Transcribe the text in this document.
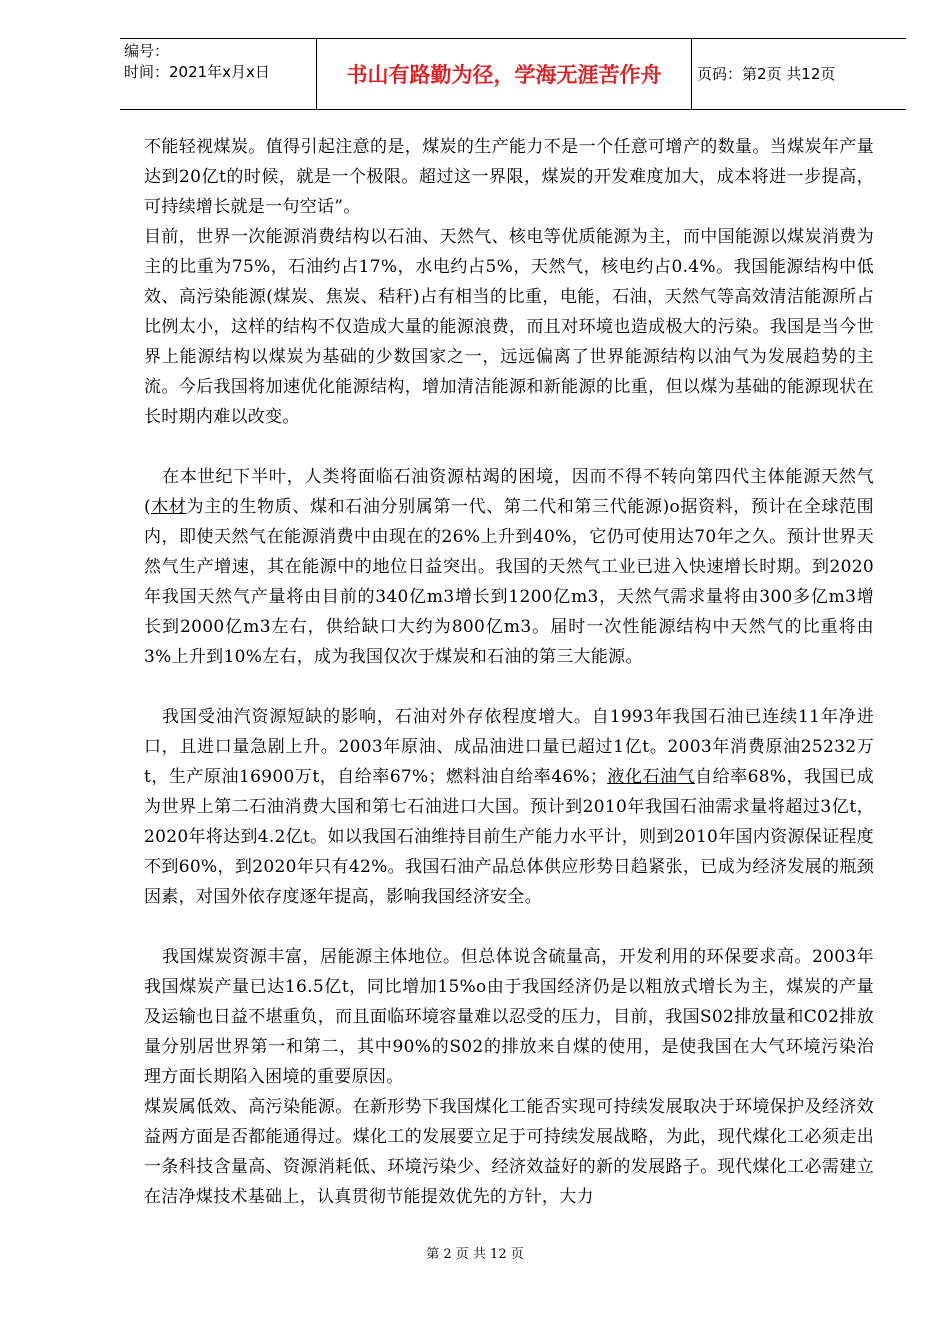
编号：
时间：2021年x月x日	书山有路勤为径，学海无涯苦作舟	页码：第2页 共12页

不能轻视煤炭。值得引起注意的是，煤炭的生产能力不是一个任意可增产的数量。当煤炭年产量达到20亿t的时候，就是一个极限。超过这一界限，煤炭的开发难度加大，成本将进一步提高，可持续增长就是一句空话”。

目前，世界一次能源消费结构以石油、天然气、核电等优质能源为主，而中国能源以煤炭消费为主的比重为75%，石油约占17%，水电约占5%，天然气，核电约占0.4%。我国能源结构中低效、高污染能源(煤炭、焦炭、秸秆)占有相当的比重，电能，石油，天然气等高效清洁能源所占比例太小，这样的结构不仅造成大量的能源浪费，而且对环境也造成极大的污染。我国是当今世界上能源结构以煤炭为基础的少数国家之一，远远偏离了世界能源结构以油气为发展趋势的主流。今后我国将加速优化能源结构，增加清洁能源和新能源的比重，但以煤为基础的能源现状在长时期内难以改变。

在本世纪下半叶，人类将面临石油资源枯竭的困境，因而不得不转向第四代主体能源天然气(木材为主的生物质、煤和石油分别属第一代、第二代和第三代能源)o据资料，预计在全球范围内，即使天然气在能源消费中由现在的26%上升到40%，它仍可使用达70年之久。预计世界天然气生产增速，其在能源中的地位日益突出。我国的天然气工业已进入快速增长时期。到2020年我国天然气产量将由目前的340亿m3增长到1200亿m3，天然气需求量将由300多亿m3增长到2000亿m3左右，供给缺口大约为800亿m3。届时一次性能源结构中天然气的比重将由3%上升到10%左右，成为我国仅次于煤炭和石油的第三大能源。

我国受油汽资源短缺的影响，石油对外存依程度增大。自1993年我国石油已连续11年净进口，且进口量急剧上升。2003年原油、成品油进口量已超过1亿t。2003年消费原油25232万t，生产原油16900万t，自给率67%；燃料油自给率46%；液化石油气自给率68%，我国已成为世界上第二石油消费大国和第七石油进口大国。预计到2010年我国石油需求量将超过3亿t，2020年将达到4.2亿t。如以我国石油维持目前生产能力水平计，则到2010年国内资源保证程度不到60%，到2020年只有42%。我国石油产品总体供应形势日趋紧张，已成为经济发展的瓶颈因素，对国外依存度逐年提高，影响我国经济安全。

我国煤炭资源丰富，居能源主体地位。但总体说含硫量高，开发利用的环保要求高。2003年我国煤炭产量已达16.5亿t，同比增加15%o由于我国经济仍是以粗放式增长为主，煤炭的产量及运输也日益不堪重负，而且面临环境容量难以忍受的压力，目前，我国S02排放量和C02排放量分别居世界第一和第二，其中90%的S02的排放来自煤的使用，是使我国在大气环境污染治理方面长期陷入困境的重要原因。

煤炭属低效、高污染能源。在新形势下我国煤化工能否实现可持续发展取决于环境保护及经济效益两方面是否都能通得过。煤化工的发展要立足于可持续发展战略，为此，现代煤化工必须走出一条科技含量高、资源消耗低、环境污染少、经济效益好的新的发展路子。现代煤化工必需建立在洁净煤技术基础上，认真贯彻节能提效优先的方针，大力

第 2 页 共 12 页
